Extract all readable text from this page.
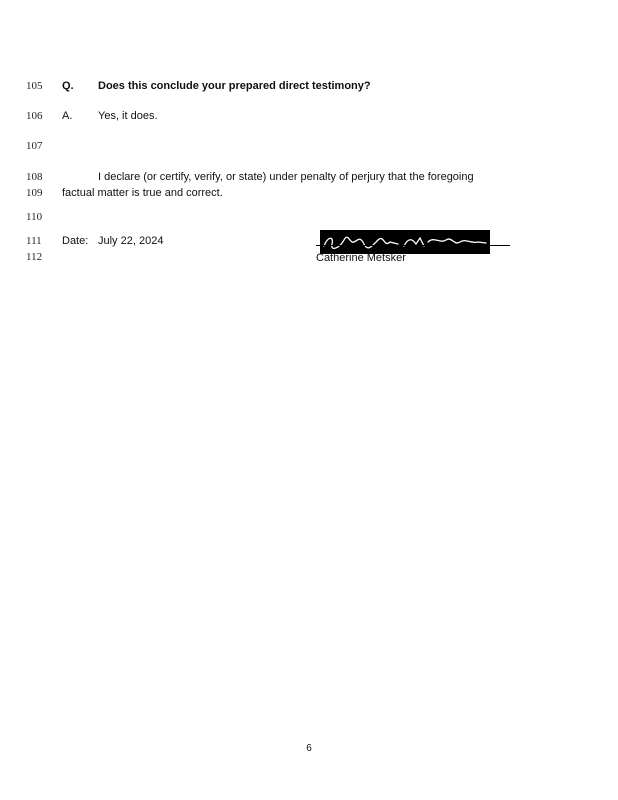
105
106
107
108
109
110
111
112
Q. Does this conclude your prepared direct testimony?
A. Yes, it does.
I declare (or certify, verify, or state) under penalty of perjury that the foregoing
factual matter is true and correct.
Date: July 22, 2024
Catherine Metsker
6
